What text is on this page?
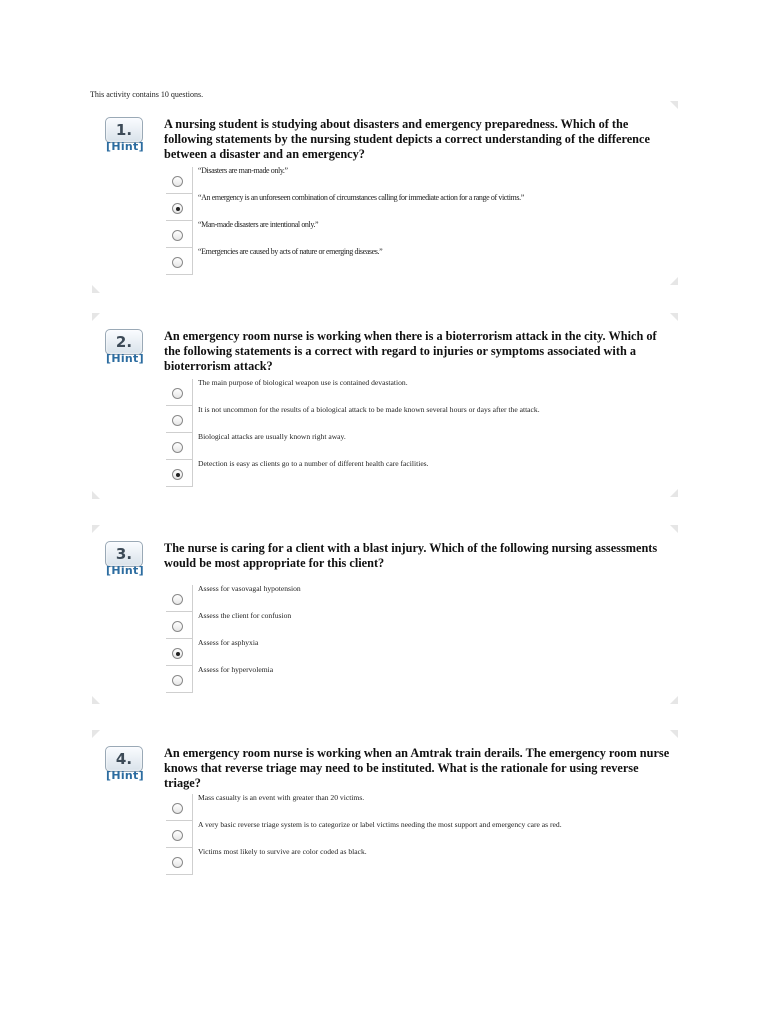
This activity contains 10 questions.
1.
[Hint]
A nursing student is studying about disasters and emergency preparedness. Which of the following statements by the nursing student depicts a correct understanding of the difference between a disaster and an emergency?
“Disasters are man-made only.”
“An emergency is an unforeseen combination of circumstances calling for immediate action for a range of victims.”
“Man-made disasters are intentional only.”
“Emergencies are caused by acts of nature or emerging diseases.”
2.
[Hint]
An emergency room nurse is working when there is a bioterrorism attack in the city. Which of the following statements is a correct with regard to injuries or symptoms associated with a bioterrorism attack?
The main purpose of biological weapon use is contained devastation.
It is not uncommon for the results of a biological attack to be made known several hours or days after the attack.
Biological attacks are usually known right away.
Detection is easy as clients go to a number of different health care facilities.
3.
[Hint]
The nurse is caring for a client with a blast injury. Which of the following nursing assessments would be most appropriate for this client?
Assess for vasovagal hypotension
Assess the client for confusion
Assess for asphyxia
Assess for hypervolemia
4.
[Hint]
An emergency room nurse is working when an Amtrak train derails. The emergency room nurse knows that reverse triage may need to be instituted. What is the rationale for using reverse triage?
Mass casualty is an event with greater than 20 victims.
A very basic reverse triage system is to categorize or label victims needing the most support and emergency care as red.
Victims most likely to survive are color coded as black.
